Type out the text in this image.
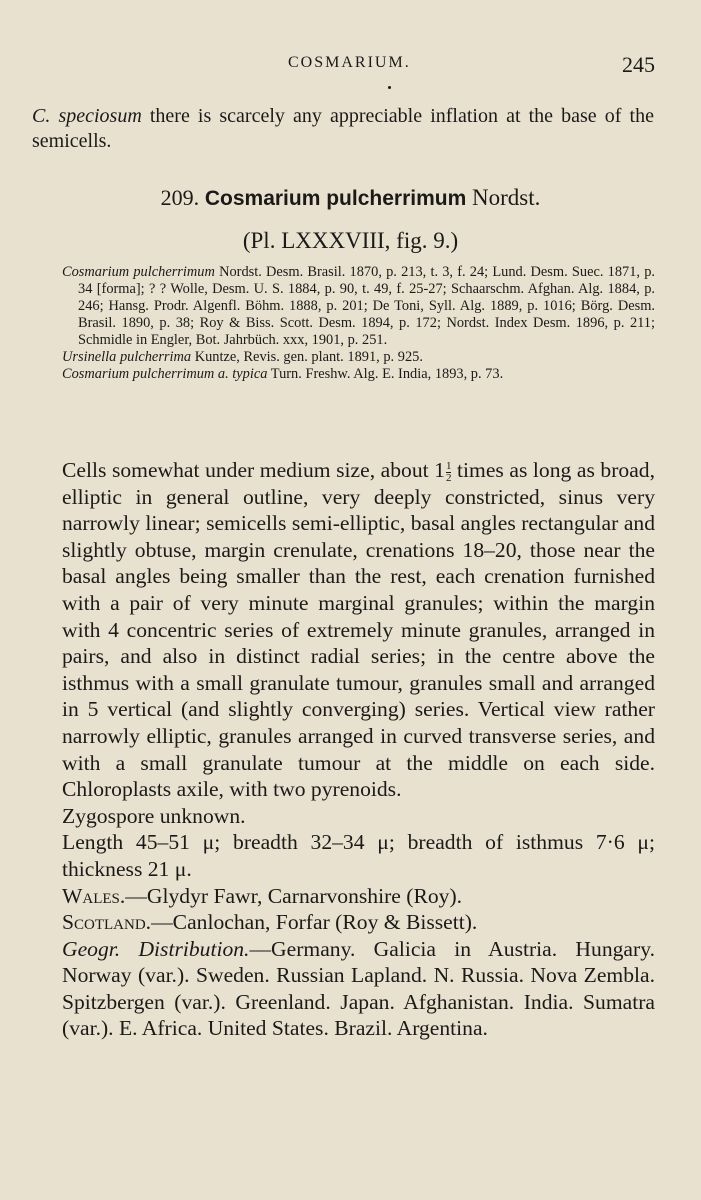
COSMARIUM.	245
C. speciosum there is scarcely any appreciable inflation at the base of the semicells.
209. Cosmarium pulcherrimum Nordst.
(Pl. LXXXVIII, fig. 9.)
Cosmarium pulcherrimum Nordst. Desm. Brasil. 1870, p. 213, t. 3, f. 24; Lund. Desm. Suec. 1871, p. 34 [forma]; ? ? Wolle, Desm. U. S. 1884, p. 90, t. 49, f. 25-27; Schaarschm. Afghan. Alg. 1884, p. 246; Hansg. Prodr. Algenfl. Böhm. 1888, p. 201; De Toni, Syll. Alg. 1889, p. 1016; Börg. Desm. Brasil. 1890, p. 38; Roy & Biss. Scott. Desm. 1894, p. 172; Nordst. Index Desm. 1896, p. 211; Schmidle in Engler, Bot. Jahrbüch. xxx, 1901, p. 251.
Ursinella pulcherrima Kuntze, Revis. gen. plant. 1891, p. 925.
Cosmarium pulcherrimum a. typica Turn. Freshw. Alg. E. India, 1893, p. 73.

Cells somewhat under medium size, about $1 \frac{1}{2}$ times as long as broad, elliptic in general outline, very deeply constricted, sinus very narrowly linear; semicells semi-elliptic, basal angles rectangular and slightly obtuse, margin crenulate, crenations 18–20, those near the basal angles being smaller than the rest, each crenation furnished with a pair of very minute marginal granules; within the margin with 4 concentric series of extremely minute granules, arranged in pairs, and also in distinct radial series; in the centre above the isthmus with a small granulate tumour, granules small and arranged in 5 vertical (and slightly converging) series. Vertical view rather narrowly elliptic, granules arranged in curved transverse series, and with a small granulate tumour at the middle on each side. Chloroplasts axile, with two pyrenoids.

Zygospore unknown.

Length 45–51 μ; breadth 32–34 μ; breadth of isthmus 7·6 μ; thickness 21 μ.

Wales.—Glydyr Fawr, Carnarvonshire (Roy).

Scotland.—Canlochan, Forfar (Roy & Bissett).

Geogr. Distribution.—Germany. Galicia in Austria. Hungary. Norway (var.). Sweden. Russian Lapland. N. Russia. Nova Zembla. Spitzbergen (var.). Greenland. Japan. Afghanistan. India. Sumatra (var.). E. Africa. United States. Brazil. Argentina.
